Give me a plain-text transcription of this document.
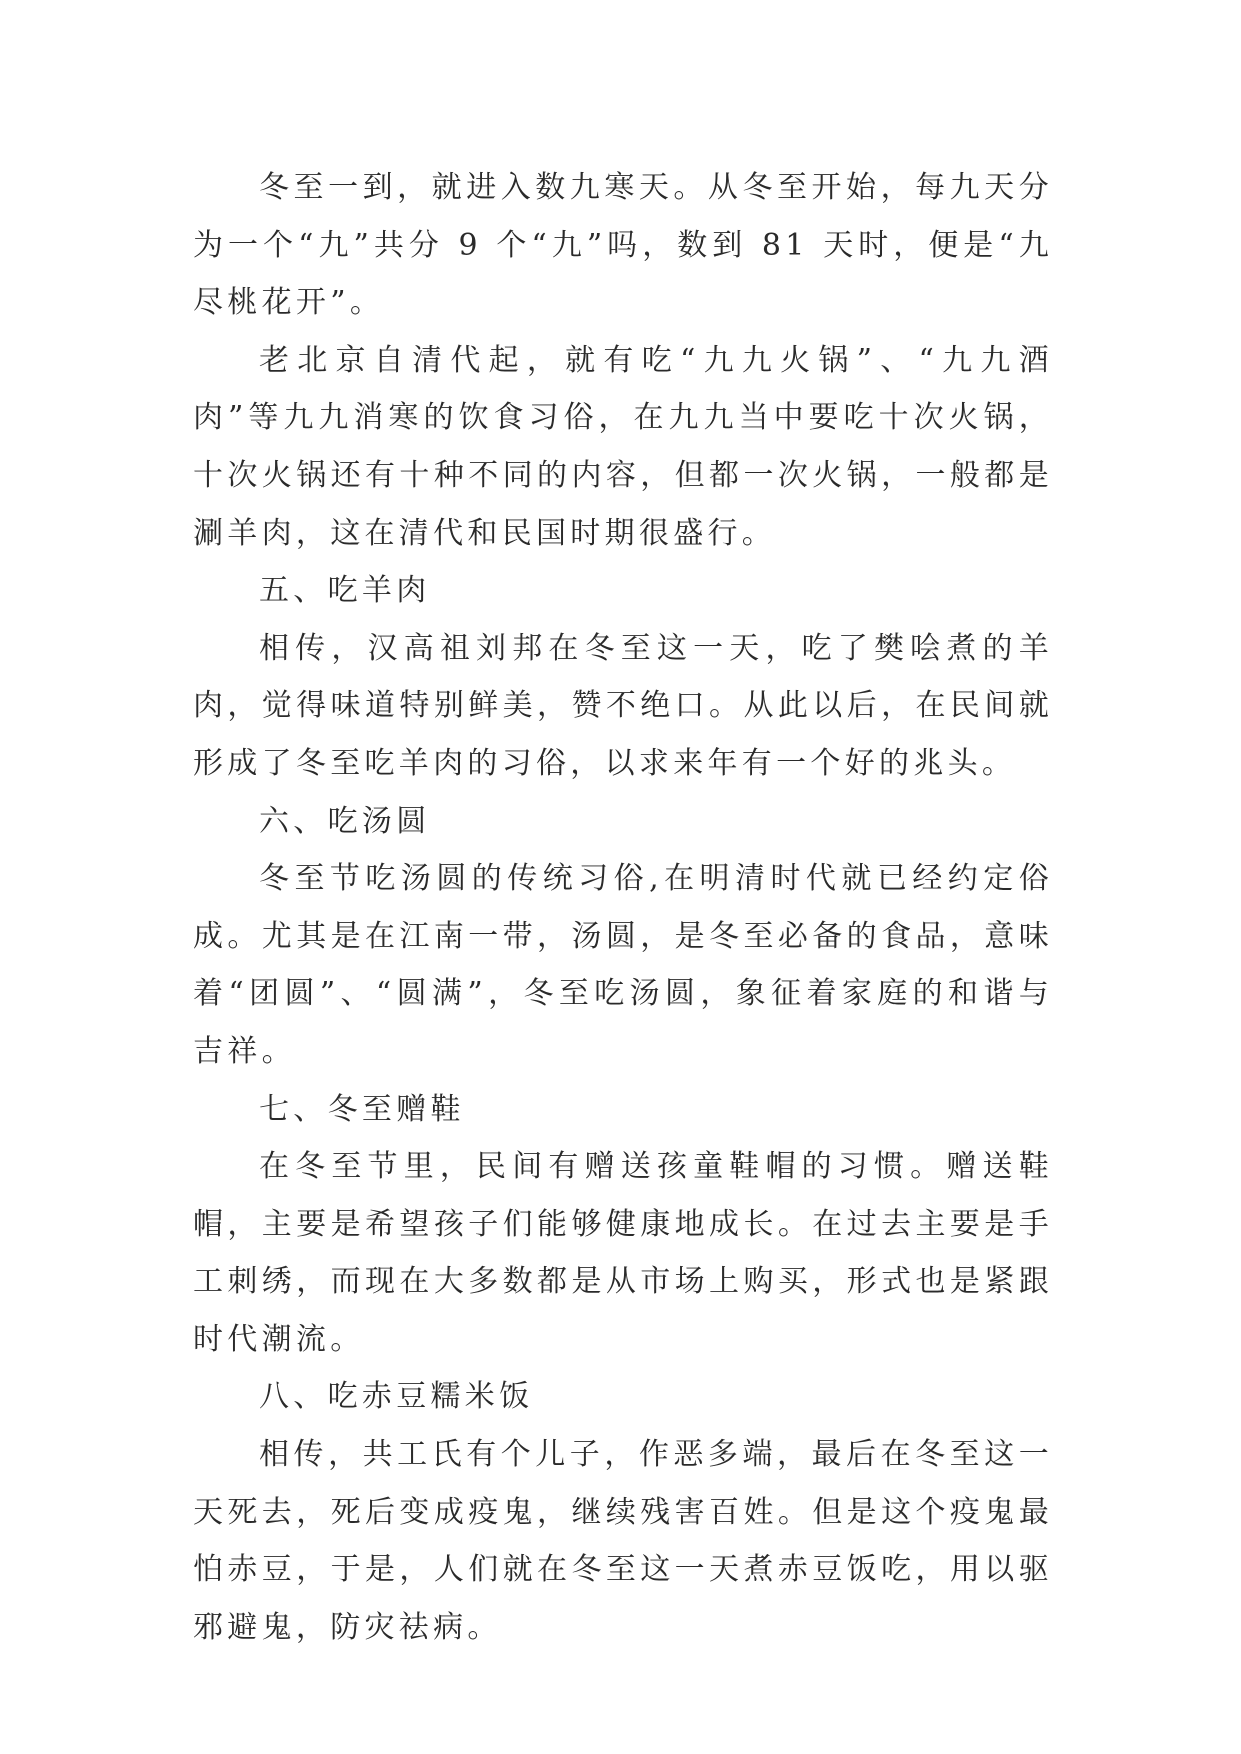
冬至一到，就进入数九寒天。从冬至开始，每九天分为一个“九”共分 9 个“九”吗，数到 81 天时，便是“九尽桃花开”。

老北京自清代起，就有吃“九九火锅”、“九九酒肉”等九九消寒的饮食习俗，在九九当中要吃十次火锅，十次火锅还有十种不同的内容，但都一次火锅，一般都是涮羊肉，这在清代和民国时期很盛行。

五、吃羊肉

相传，汉高祖刘邦在冬至这一天，吃了樊哙煮的羊肉，觉得味道特别鲜美，赞不绝口。从此以后，在民间就形成了冬至吃羊肉的习俗，以求来年有一个好的兆头。

六、吃汤圆

冬至节吃汤圆的传统习俗,在明清时代就已经约定俗成。尤其是在江南一带，汤圆，是冬至必备的食品，意味着“团圆”、“圆满”，冬至吃汤圆，象征着家庭的和谐与吉祥。

七、冬至赠鞋

在冬至节里，民间有赠送孩童鞋帽的习惯。赠送鞋帽，主要是希望孩子们能够健康地成长。在过去主要是手工刺绣，而现在大多数都是从市场上购买，形式也是紧跟时代潮流。

八、吃赤豆糯米饭

相传，共工氏有个儿子，作恶多端，最后在冬至这一天死去，死后变成疫鬼，继续残害百姓。但是这个疫鬼最怕赤豆，于是，人们就在冬至这一天煮赤豆饭吃，用以驱邪避鬼，防灾祛病。
